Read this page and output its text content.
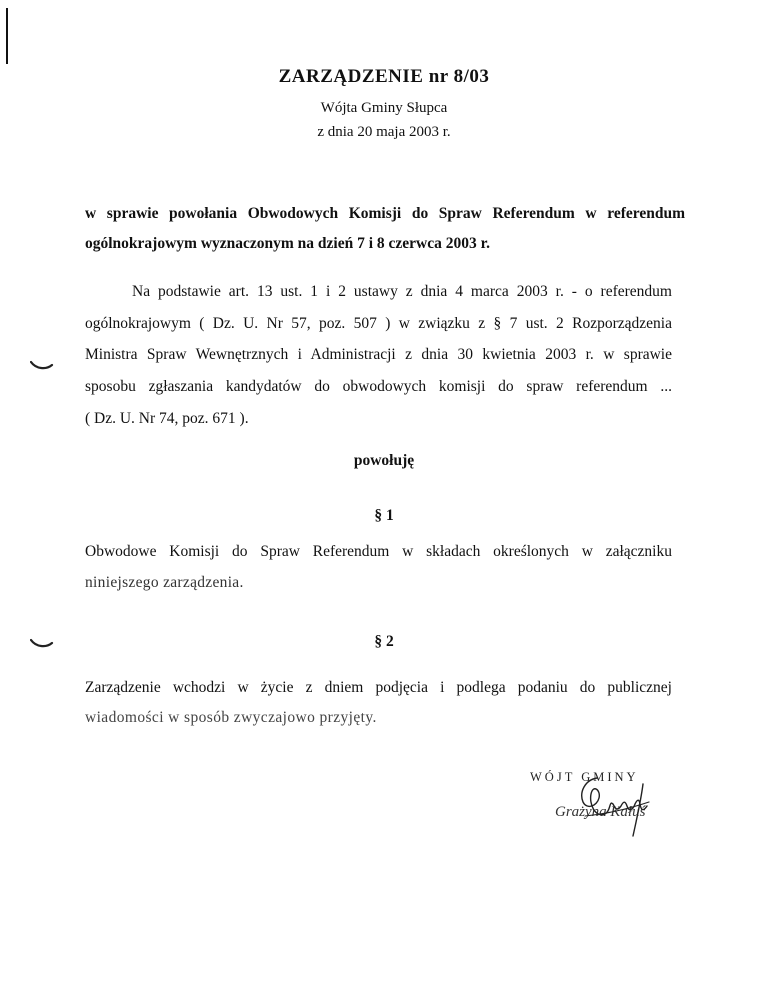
ZARZĄDZENIE nr 8/03
Wójta Gminy Słupca
z dnia 20 maja 2003 r.
w sprawie powołania Obwodowych Komisji do Spraw Referendum w referendum
ogólnokrajowym wyznaczonym na dzień 7 i 8 czerwca 2003 r.
Na podstawie art. 13 ust. 1 i 2 ustawy z dnia 4 marca 2003 r. - o referendum
ogólnokrajowym ( Dz. U. Nr 57, poz. 507 ) w związku z § 7 ust. 2 Rozporządzenia
Ministra Spraw Wewnętrznych i Administracji z dnia 30 kwietnia 2003 r. w sprawie
sposobu zgłaszania kandydatów do obwodowych komisji do spraw referendum ...
( Dz. U. Nr 74, poz. 671 ).
powołuję
§ 1
Obwodowe Komisji do Spraw Referendum w składach określonych w załączniku
niniejszego zarządzenia.
§ 2
Zarządzenie wchodzi w życie z dniem podjęcia i podlega podaniu do publicznej
wiadomości w sposób zwyczajowo przyjęty.
WÓJT GMINY
Grażyna Kałuś
